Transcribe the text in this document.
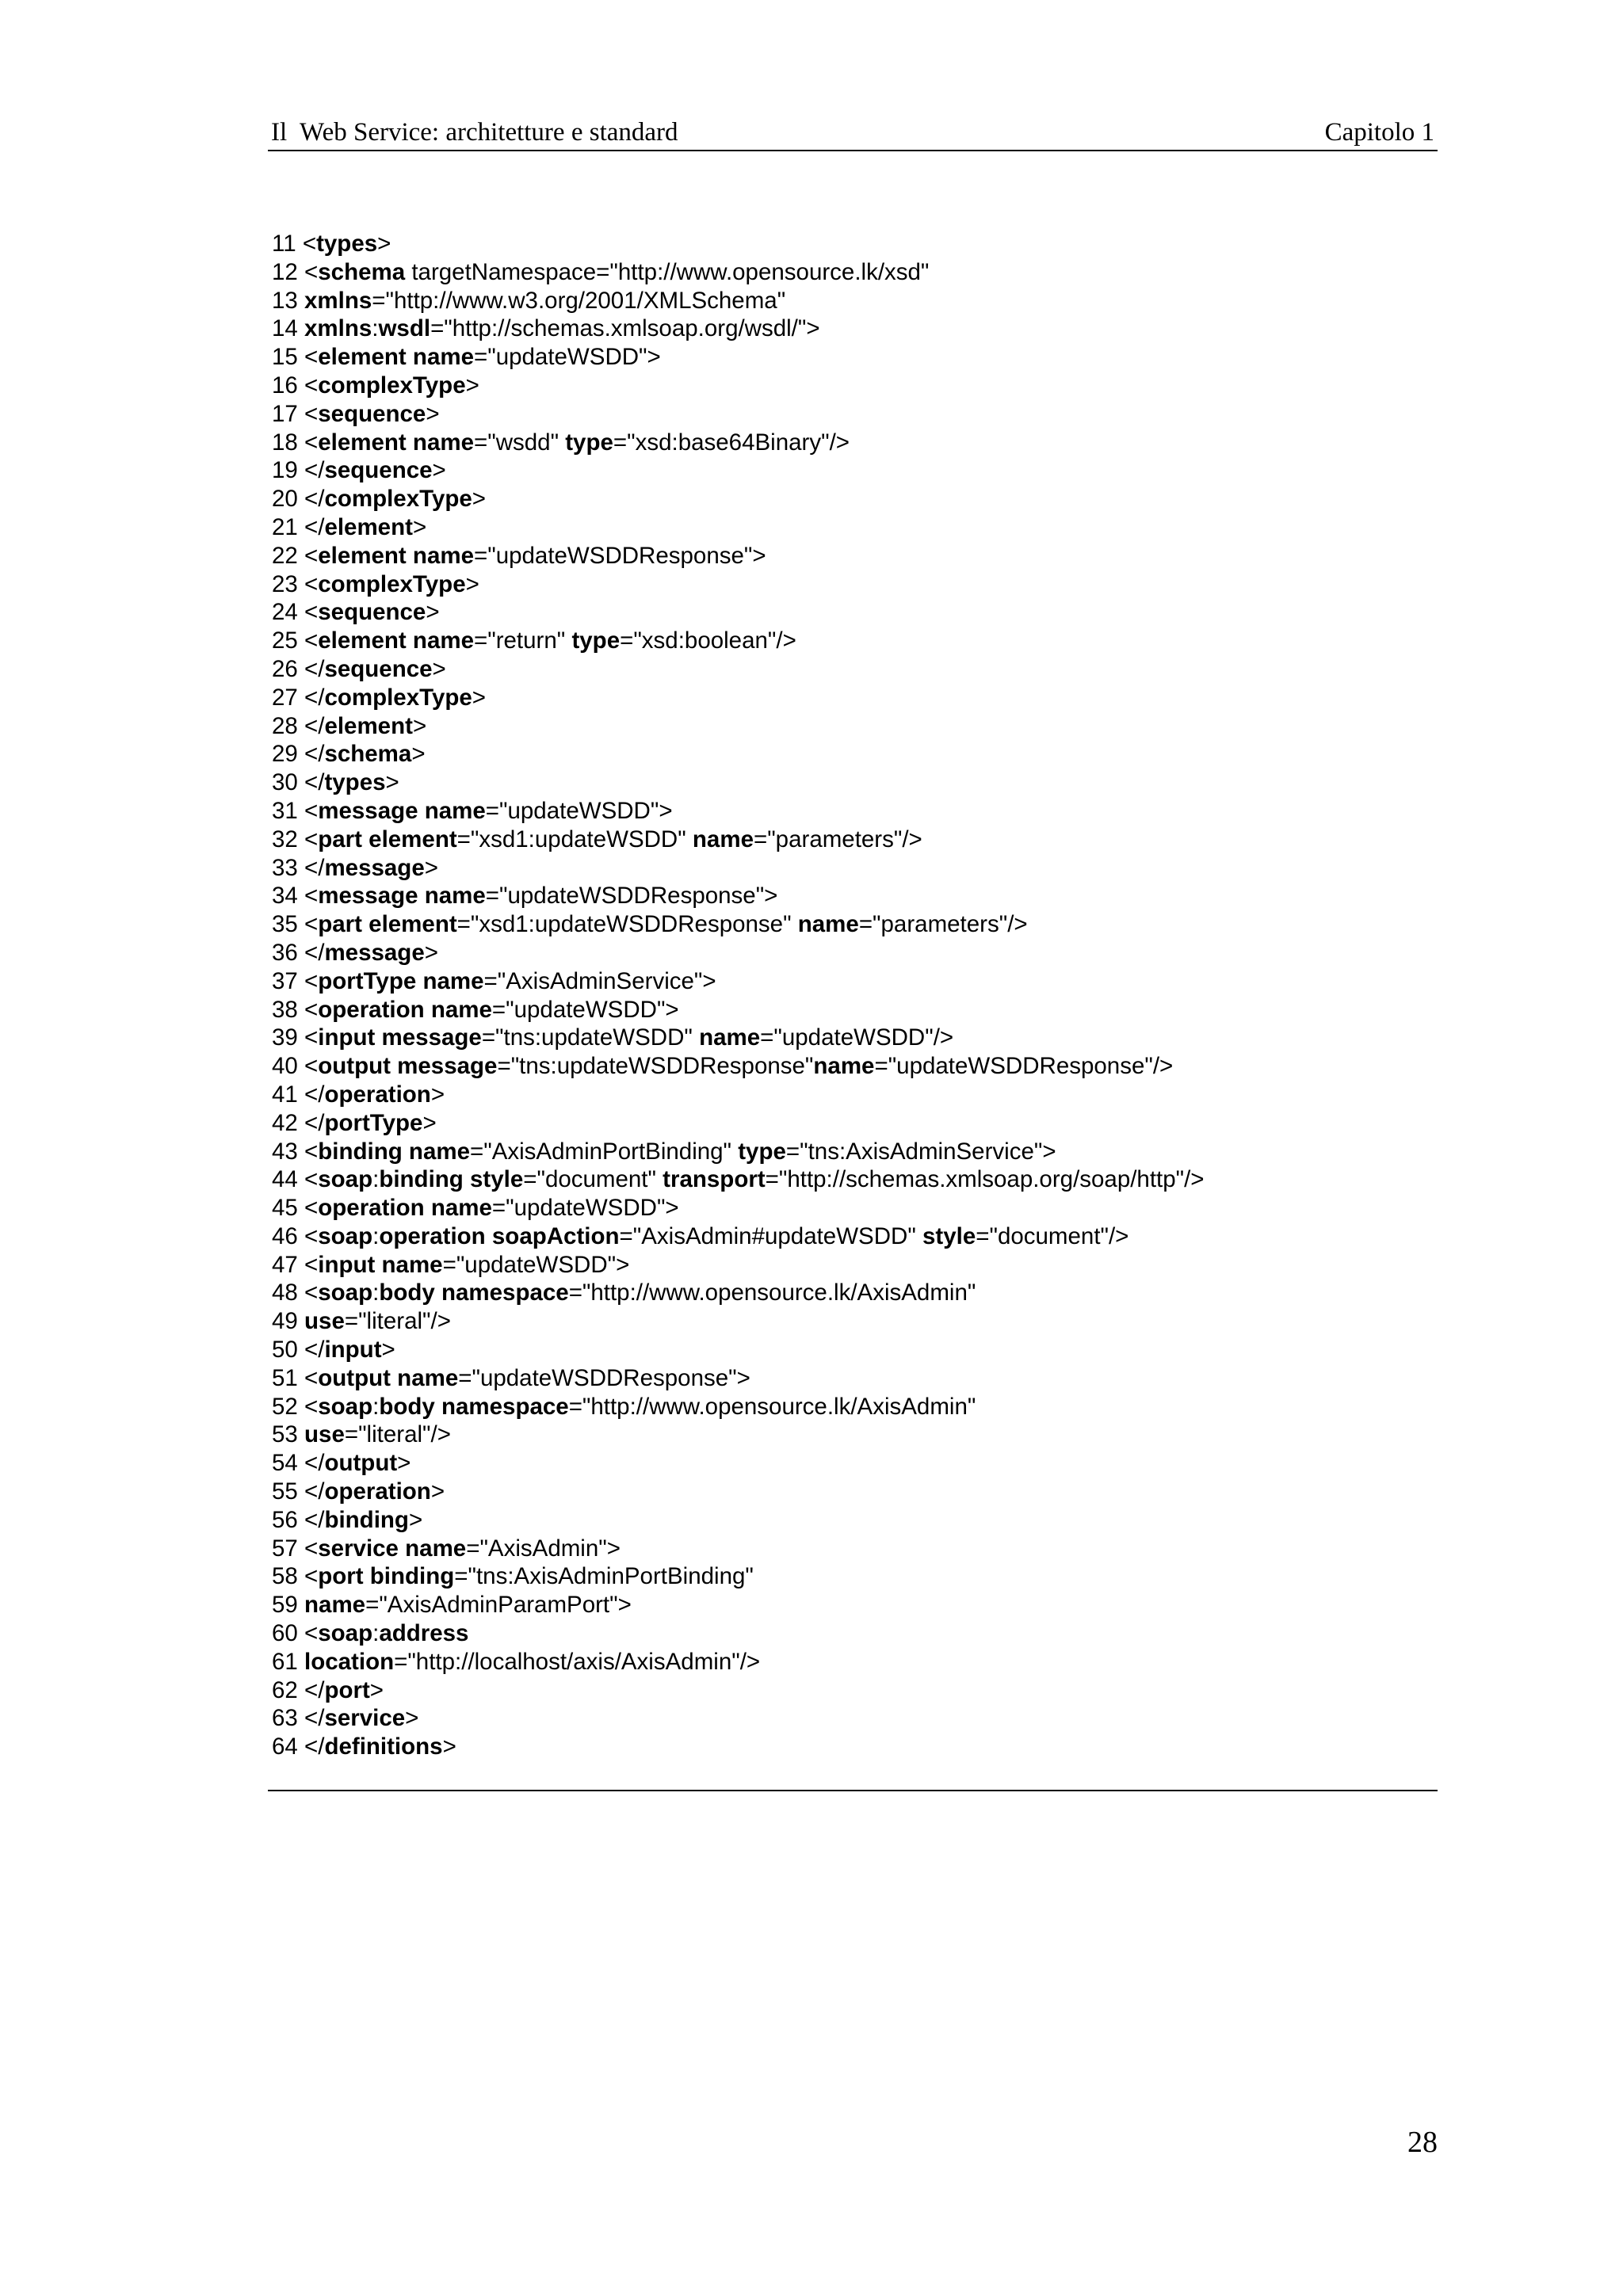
Il  Web Service: architetture e standard	Capitolo 1
11 <types>
12 <schema targetNamespace="http://www.opensource.lk/xsd"
13 xmlns="http://www.w3.org/2001/XMLSchema"
14 xmlns:wsdl="http://schemas.xmlsoap.org/wsdl/">
15 <element name="updateWSDD">
16 <complexType>
17 <sequence>
18 <element name="wsdd" type="xsd:base64Binary"/>
19 </sequence>
20 </complexType>
21 </element>
22 <element name="updateWSDDResponse">
23 <complexType>
24 <sequence>
25 <element name="return" type="xsd:boolean"/>
26 </sequence>
27 </complexType>
28 </element>
29 </schema>
30 </types>
31 <message name="updateWSDD">
32 <part element="xsd1:updateWSDD" name="parameters"/>
33 </message>
34 <message name="updateWSDDResponse">
35 <part element="xsd1:updateWSDDResponse" name="parameters"/>
36 </message>
37 <portType name="AxisAdminService">
38 <operation name="updateWSDD">
39 <input message="tns:updateWSDD" name="updateWSDD"/>
40 <output message="tns:updateWSDDResponse"name="updateWSDDResponse"/>
41 </operation>
42 </portType>
43 <binding name="AxisAdminPortBinding" type="tns:AxisAdminService">
44 <soap:binding style="document" transport="http://schemas.xmlsoap.org/soap/http"/>
45 <operation name="updateWSDD">
46 <soap:operation soapAction="AxisAdmin#updateWSDD" style="document"/>
47 <input name="updateWSDD">
48 <soap:body namespace="http://www.opensource.lk/AxisAdmin"
49 use="literal"/>
50 </input>
51 <output name="updateWSDDResponse">
52 <soap:body namespace="http://www.opensource.lk/AxisAdmin"
53 use="literal"/>
54 </output>
55 </operation>
56 </binding>
57 <service name="AxisAdmin">
58 <port binding="tns:AxisAdminPortBinding"
59 name="AxisAdminParamPort">
60 <soap:address
61 location="http://localhost/axis/AxisAdmin"/>
62 </port>
63 </service>
64 </definitions>
28
